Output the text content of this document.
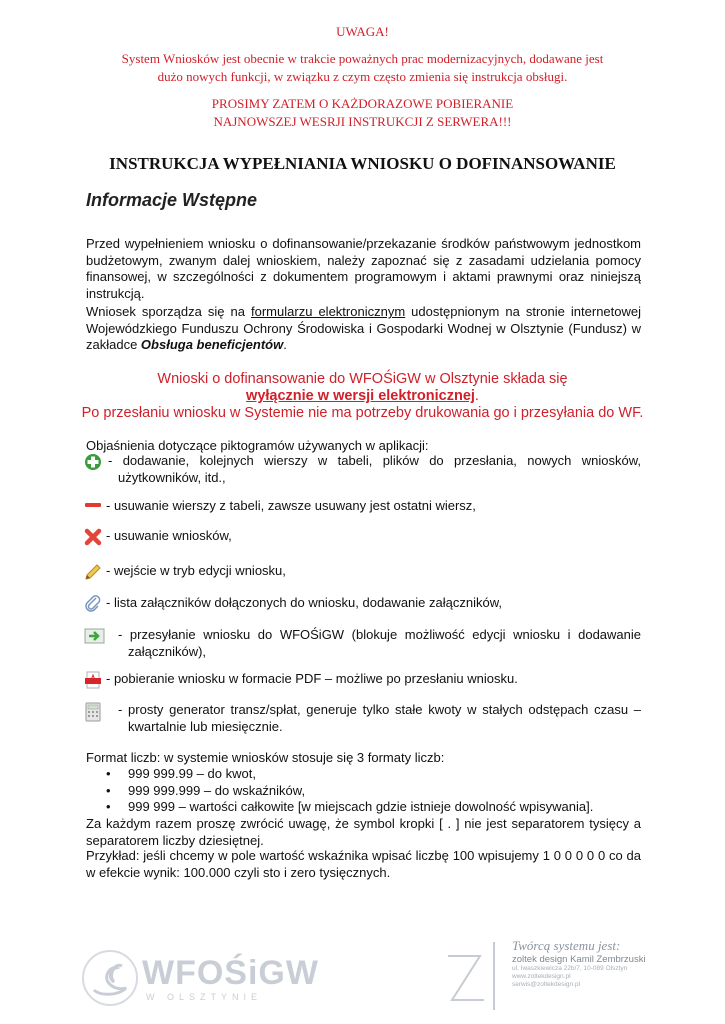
UWAGA!
System Wniosków jest obecnie w trakcie poważnych prac modernizacyjnych, dodawane jest
dużo nowych funkcji, w związku z czym często zmienia się instrukcja obsługi.
PROSIMY ZATEM O KAŻDORAZOWE POBIERANIE
NAJNOWSZEJ WESRJI INSTRUKCJI Z SERWERA!!!
INSTRUKCJA WYPEŁNIANIA WNIOSKU O DOFINANSOWANIE
Informacje Wstępne
Przed wypełnieniem wniosku o dofinansowanie/przekazanie środków państwowym jednostkom budżetowym, zwanym dalej wnioskiem, należy zapoznać się z zasadami udzielania pomocy finansowej, w szczególności z dokumentem programowym i aktami prawnymi oraz niniejszą instrukcją.
Wniosek sporządza się na formularzu elektronicznym udostępnionym na stronie internetowej Wojewódzkiego Funduszu Ochrony Środowiska i Gospodarki Wodnej w Olsztynie (Fundusz) w zakładce Obsługa beneficjentów.
Wnioski o dofinansowanie do WFOŚiGW w Olsztynie składa się
wyłącznie w wersji elektronicznej.
Po przesłaniu wniosku w Systemie nie ma potrzeby drukowania go i przesyłania do WF.
Objaśnienia dotyczące piktogramów używanych w aplikacji:
- dodawanie, kolejnych wierszy w tabeli, plików do przesłania, nowych wniosków, użytkowników, itd.,
- usuwanie wierszy z tabeli, zawsze usuwany jest ostatni wiersz,
- usuwanie wniosków,
- wejście w tryb edycji wniosku,
- lista załączników dołączonych do wniosku, dodawanie załączników,
- przesyłanie wniosku do WFOŚiGW (blokuje możliwość edycji wniosku i dodawanie załączników),
- pobieranie wniosku w formacie PDF – możliwe po przesłaniu wniosku.
- prosty generator transz/spłat, generuje tylko stałe kwoty w stałych odstępach czasu – kwartalnie lub miesięcznie.
Format liczb: w systemie wniosków stosuje się 3 formaty liczb:
• 999 999.99 – do kwot,
• 999 999.999 – do wskaźników,
• 999 999 – wartości całkowite [w miejscach gdzie istnieje dowolność wpisywania].
Za każdym razem proszę zwrócić uwagę, że symbol kropki [ . ] nie jest separatorem tysięcy a separatorem liczby dziesiętnej.
Przykład: jeśli chcemy w pole wartość wskaźnika wpisać liczbę 100 wpisujemy 1 0 0 0 0 0 co da w efekcie wynik: 100.000 czyli sto i zero tysięcznych.
WFOŚiGW
W OLSZTYNIE
Twórcą systemu jest:
zoltek design Kamil Zembrzuski
ul. Iwaszkiewicza 22b/7, 10-089 Olsztyn
www.zoltekdesign.pl
serwis@zoltekdesign.pl
